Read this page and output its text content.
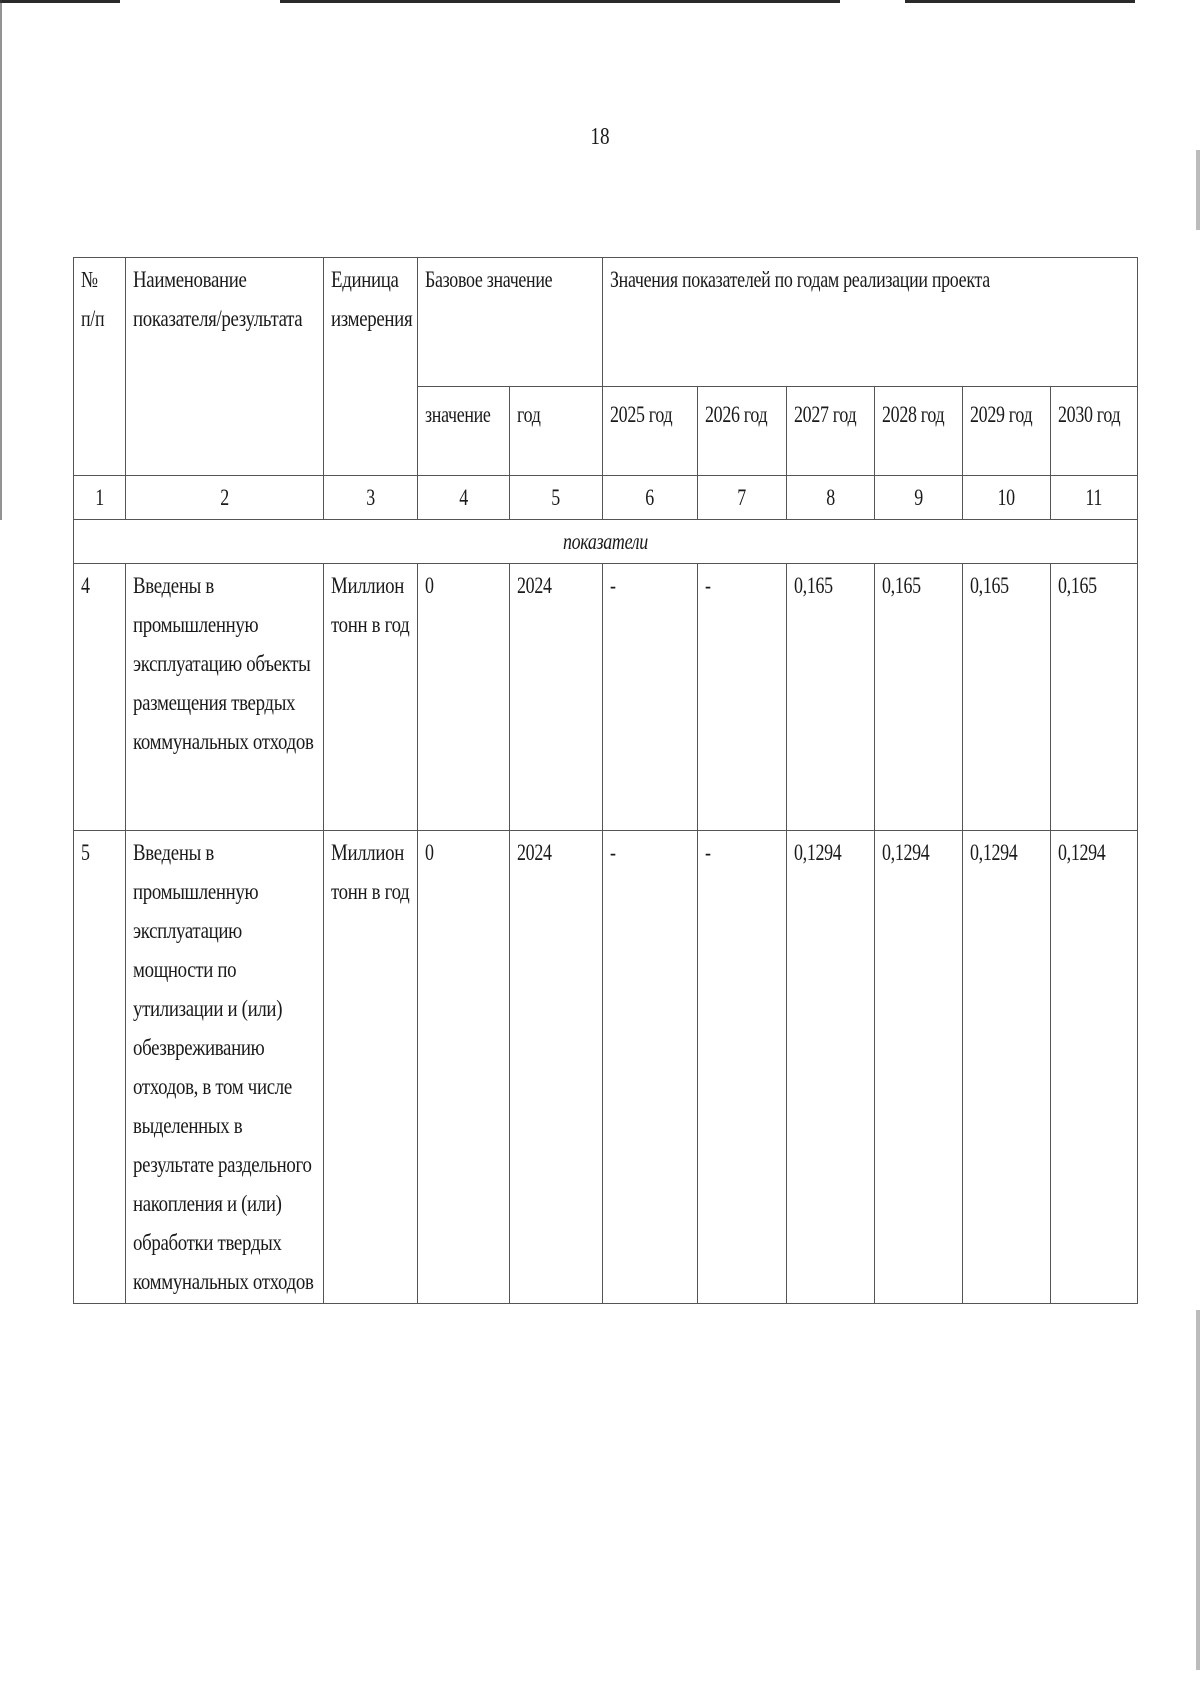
18
№ п/п	Наименование показателя/результата	Единица измерения	Базовое значение		Значения показателей по годам реализации проекта					
			значение	год	2025 год	2026 год	2027 год	2028 год	2029 год	2030 год
1	2	3	4	5	6	7	8	9	10	11
показатели										
4	Введены в промышленную эксплуатацию объекты размещения твердых коммунальных отходов	Миллион тонн в год	0	2024	-	-	0,165	0,165	0,165	0,165
5	Введены в промышленную эксплуатацию мощности по утилизации и (или) обезвреживанию отходов, в том числе выделенных в результате раздельного накопления и (или) обработки твердых коммунальных отходов	Миллион тонн в год	0	2024	-	-	0,1294	0,1294	0,1294	0,1294
